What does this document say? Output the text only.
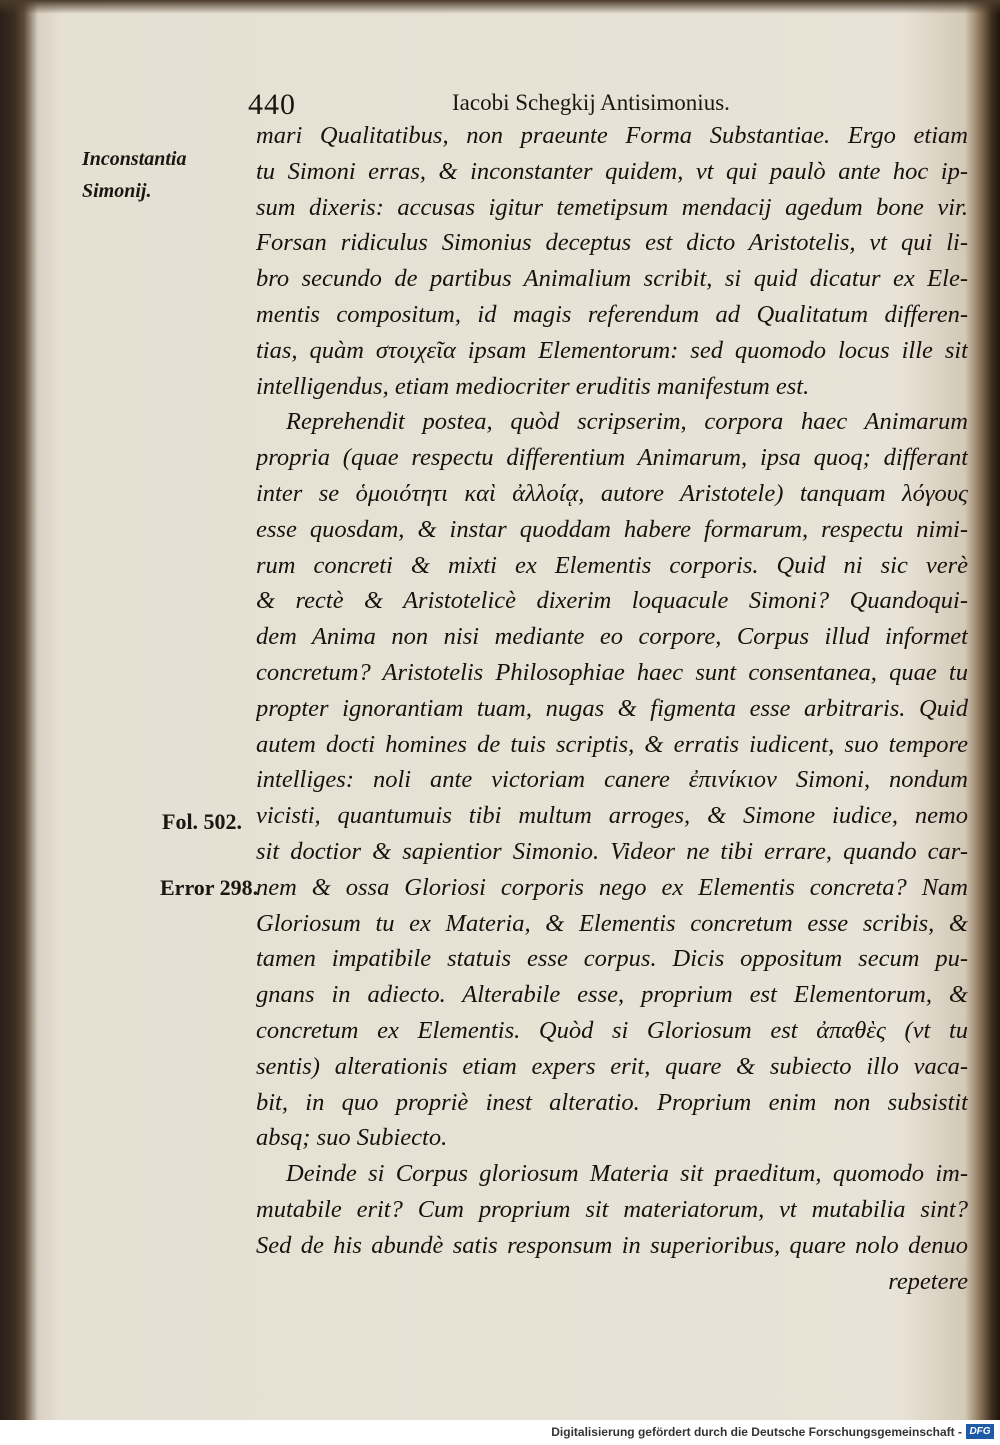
440	Iacobi Schegkij Antisimonius.
Inconstantia Simonij.
Fol. 502.
Error 298.
mari Qualitatibus, non praeunte Forma Substantiae. Ergo etiam
tu Simoni erras, & inconstanter quidem, vt qui paulò ante hoc ip-
sum dixeris: accusas igitur temetipsum mendacij agedum bone vir.
Forsan ridiculus Simonius deceptus est dicto Aristotelis, vt qui li-
bro secundo de partibus Animalium scribit, si quid dicatur ex Ele-
mentis compositum, id magis referendum ad Qualitatum differen-
tias, quàm στοιχεῖα ipsam Elementorum: sed quomodo locus ille sit
intelligendus, etiam mediocriter eruditis manifestum est.
Reprehendit postea, quòd scripserim, corpora haec Animarum
propria (quae respectu differentium Animarum, ipsa quoq; differant
inter se ὁμοιότητι καὶ ἀλλοίᾳ, autore Aristotele) tanquam λόγους
esse quosdam, & instar quoddam habere formarum, respectu nimi-
rum concreti & mixti ex Elementis corporis. Quid ni sic verè
& rectè & Aristotelicè dixerim loquacule Simoni? Quandoqui-
dem Anima non nisi mediante eo corpore, Corpus illud informet
concretum? Aristotelis Philosophiae haec sunt consentanea, quae tu
propter ignorantiam tuam, nugas & figmenta esse arbitraris. Quid
autem docti homines de tuis scriptis, & erratis iudicent, suo tempore
intelliges: noli ante victoriam canere ἐπινίκιον Simoni, nondum
vicisti, quantumuis tibi multum arroges, & Simone iudice, nemo
sit doctior & sapientior Simonio. Videor ne tibi errare, quando car-
nem & ossa Gloriosi corporis nego ex Elementis concreta? Nam
Gloriosum tu ex Materia, & Elementis concretum esse scribis, &
tamen impatibile statuis esse corpus. Dicis oppositum secum pu-
gnans in adiecto. Alterabile esse, proprium est Elementorum, &
concretum ex Elementis. Quòd si Gloriosum est ἀπαθὲς (vt tu
sentis) alterationis etiam expers erit, quare & subiecto illo vaca-
bit, in quo propriè inest alteratio. Proprium enim non subsistit
absq; suo Subiecto.
Deinde si Corpus gloriosum Materia sit praeditum, quomodo im-
mutabile erit? Cum proprium sit materiatorum, vt mutabilia sint?
Sed de his abundè satis responsum in superioribus, quare nolo denuo
repetere
Digitalisierung gefördert durch die Deutsche Forschungsgemeinschaft - DFG
